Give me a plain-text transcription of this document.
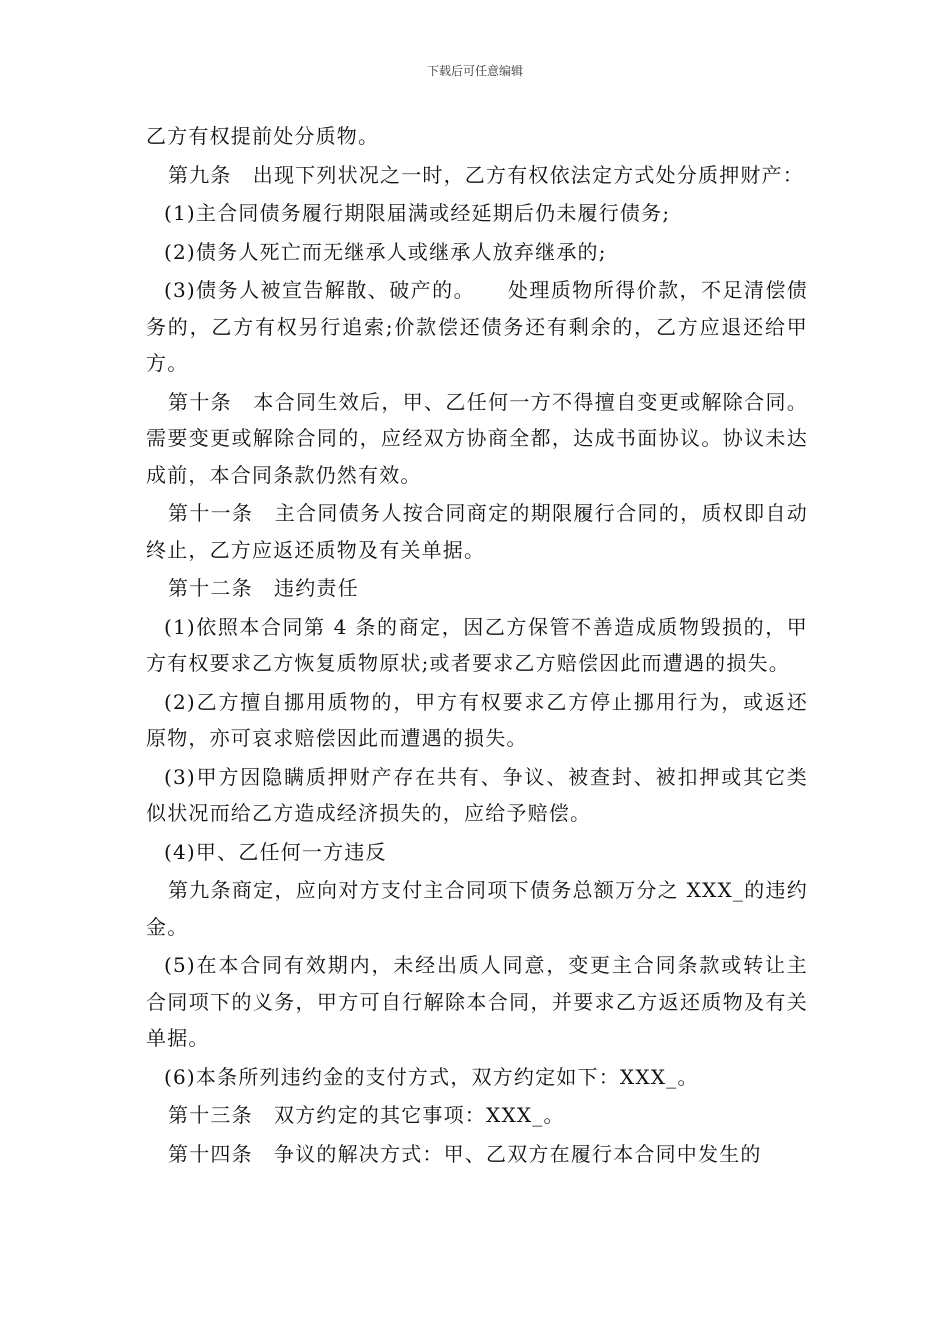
下载后可任意编辑

乙方有权提前处分质物。

第九条　出现下列状况之一时，乙方有权依法定方式处分质押财产：

(1)主合同债务履行期限届满或经延期后仍未履行债务;

(2)债务人死亡而无继承人或继承人放弃继承的;

(3)债务人被宣告解散、破产的。　　处理质物所得价款，不足清偿债务的，乙方有权另行追索;价款偿还债务还有剩余的，乙方应退还给甲方。

第十条　本合同生效后，甲、乙任何一方不得擅自变更或解除合同。需要变更或解除合同的，应经双方协商全都，达成书面协议。协议未达成前，本合同条款仍然有效。

第十一条　主合同债务人按合同商定的期限履行合同的，质权即自动终止，乙方应返还质物及有关单据。

第十二条　违约责任

(1)依照本合同第 4 条的商定，因乙方保管不善造成质物毁损的，甲方有权要求乙方恢复质物原状;或者要求乙方赔偿因此而遭遇的损失。

(2)乙方擅自挪用质物的，甲方有权要求乙方停止挪用行为，或返还原物，亦可哀求赔偿因此而遭遇的损失。

(3)甲方因隐瞒质押财产存在共有、争议、被查封、被扣押或其它类似状况而给乙方造成经济损失的，应给予赔偿。

(4)甲、乙任何一方违反

第九条商定，应向对方支付主合同项下债务总额万分之 XXX_的违约金。

(5)在本合同有效期内，未经出质人同意，变更主合同条款或转让主合同项下的义务，甲方可自行解除本合同，并要求乙方返还质物及有关单据。

(6)本条所列违约金的支付方式，双方约定如下：XXX_。

第十三条　双方约定的其它事项：XXX_。

第十四条　争议的解决方式：甲、乙双方在履行本合同中发生的
